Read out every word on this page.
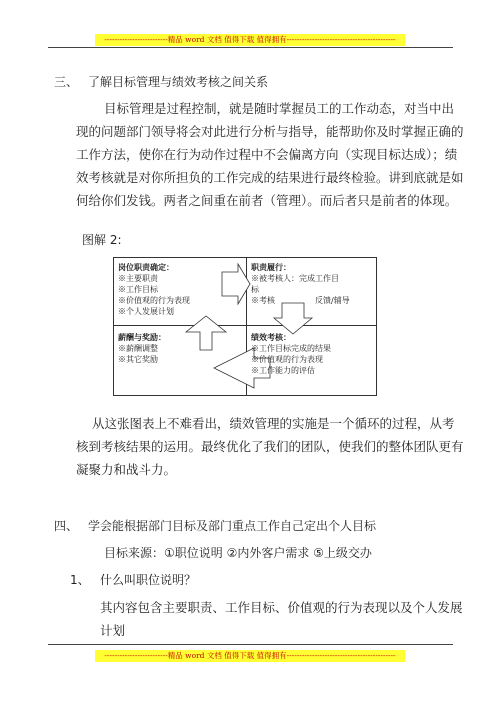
-------------------------精品 word 文档 值得下载 值得拥有-------------------------------------------
三、 了解目标管理与绩效考核之间关系
目标管理是过程控制，就是随时掌握员工的工作动态，对当中出
现的问题部门领导将会对此进行分析与指导，能帮助你及时掌握正确的
工作方法，使你在行为动作过程中不会偏离方向（实现目标达成）；绩
效考核就是对你所担负的工作完成的结果进行最终检验。讲到底就是如
何给你们发钱。两者之间重在前者（管理）。而后者只是前者的体现。
图解 2:
岗位职责确定：
※主要职责
※工作目标
※价值观的行为表现
※个人发展计划
职责履行：
※被考核人：完成工作目
标
※考核	反馈/辅导
薪酬与奖励：
※薪酬调整
※其它奖励
绩效考核：
※工作目标完成的结果
※价值观的行为表现
※工作能力的评估
从这张图表上不难看出，绩效管理的实施是一个循环的过程，从考
核到考核结果的运用。最终优化了我们的团队，使我们的整体团队更有
凝聚力和战斗力。
四、 学会能根据部门目标及部门重点工作自己定出个人目标
目标来源：①职位说明 ②内外客户需求 ⑤上级交办
1、 什么叫职位说明？
其内容包含主要职责、工作目标、价值观的行为表现以及个人发展
计划
-------------------------精品 word 文档 值得下载 值得拥有-------------------------------------------
